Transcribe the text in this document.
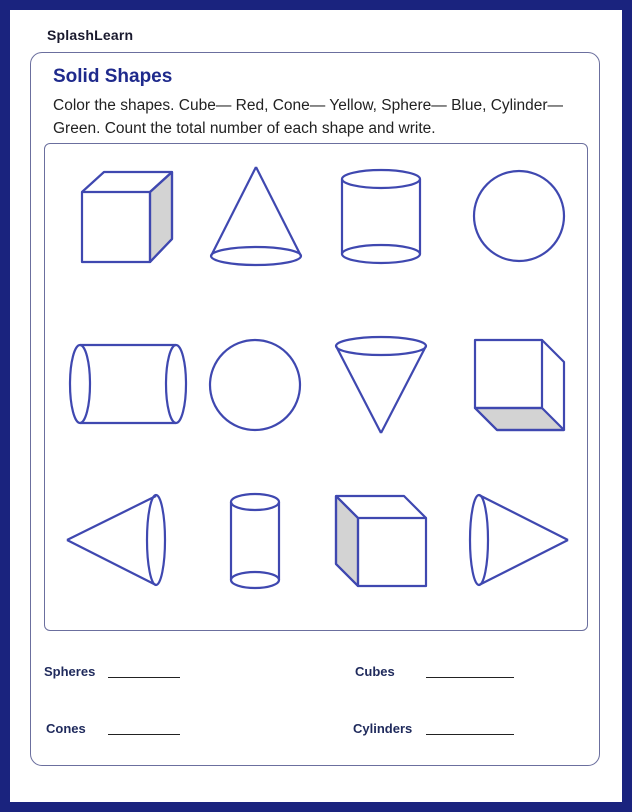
SplashLearn
Solid Shapes
Color the shapes. Cube— Red, Cone— Yellow, Sphere— Blue, Cylinder—Green. Count the total number of each shape and write.
Spheres	Cubes
Cones	Cylinders
